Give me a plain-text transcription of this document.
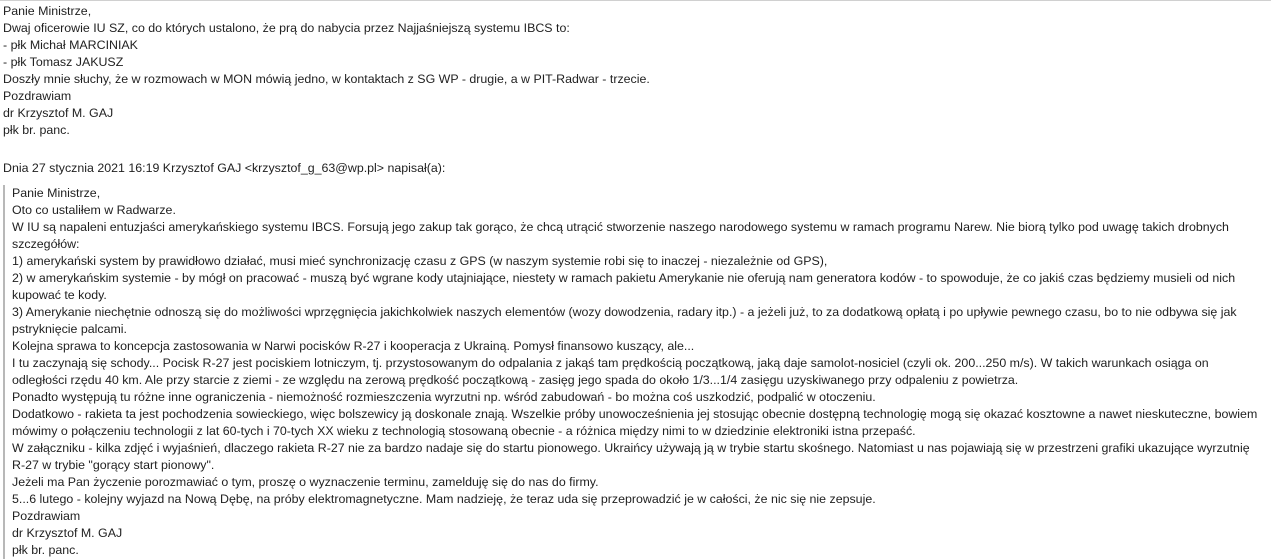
Panie Ministrze,
Dwaj oficerowie IU SZ, co do których ustalono, że prą do nabycia przez Najjaśniejszą systemu IBCS to:
- płk Michał MARCINIAK
- płk Tomasz JAKUSZ
Doszły mnie słuchy, że w rozmowach w MON mówią jedno, w kontaktach z SG WP - drugie, a w PIT-Radwar - trzecie.
Pozdrawiam
dr Krzysztof M. GAJ
płk br. panc.
Dnia 27 stycznia 2021 16:19 Krzysztof GAJ <krzysztof_g_63@wp.pl> napisał(a):
Panie Ministrze,
Oto co ustaliłem w Radwarze.
W IU są napaleni entuzjaści amerykańskiego systemu IBCS. Forsują jego zakup tak gorąco, że chcą utrącić stworzenie naszego narodowego systemu w ramach programu Narew. Nie biorą tylko pod uwagę takich drobnych szczegółów:
1) amerykański system by prawidłowo działać, musi mieć synchronizację czasu z GPS (w naszym systemie robi się to inaczej - niezależnie od GPS),
2) w amerykańskim systemie - by mógł on pracować - muszą być wgrane kody utajniające, niestety w ramach pakietu Amerykanie nie oferują nam generatora kodów - to spowoduje, że co jakiś czas będziemy musieli od nich kupować te kody.
3) Amerykanie niechętnie odnoszą się do możliwości wprzęgnięcia jakichkolwiek naszych elementów (wozy dowodzenia, radary itp.) - a jeżeli już, to za dodatkową opłatą i po upływie pewnego czasu, bo to nie odbywa się jak pstryknięcie palcami.
Kolejna sprawa to koncepcja zastosowania w Narwi pocisków R-27 i kooperacja z Ukrainą. Pomysł finansowo kuszący, ale...
I tu zaczynają się schody... Pocisk R-27 jest pociskiem lotniczym, tj. przystosowanym do odpalania z jakąś tam prędkością początkową, jaką daje samolot-nosiciel (czyli ok. 200...250 m/s). W takich warunkach osiąga on odległości rzędu 40 km. Ale przy starcie z ziemi - ze względu na zerową prędkość początkową - zasięg jego spada do około 1/3...1/4 zasięgu uzyskiwanego przy odpaleniu z powietrza.
Ponadto występują tu różne inne ograniczenia - niemożność rozmieszczenia wyrzutni np. wśród zabudowań - bo można coś uszkodzić, podpalić w otoczeniu.
Dodatkowo - rakieta ta jest pochodzenia sowieckiego, więc bolszewicy ją doskonale znają. Wszelkie próby unowocześnienia jej stosując obecnie dostępną technologię mogą się okazać kosztowne a nawet nieskuteczne, bowiem mówimy o połączeniu technologii z lat 60-tych i 70-tych XX wieku z technologią stosowaną obecnie - a różnica między nimi to w dziedzinie elektroniki istna przepaść.
W załączniku - kilka zdjęć i wyjaśnień, dlaczego rakieta R-27 nie za bardzo nadaje się do startu pionowego. Ukraińcy używają ją w trybie startu skośnego. Natomiast u nas pojawiają się w przestrzeni grafiki ukazujące wyrzutnię R-27 w trybie "gorący start pionowy".
Jeżeli ma Pan życzenie porozmawiać o tym, proszę o wyznaczenie terminu, zamelduję się do nas do firmy.
5...6 lutego - kolejny wyjazd na Nową Dębę, na próby elektromagnetyczne. Mam nadzieję, że teraz uda się przeprowadzić je w całości, że nic się nie zepsuje.
Pozdrawiam
dr Krzysztof M. GAJ
płk br. panc.
